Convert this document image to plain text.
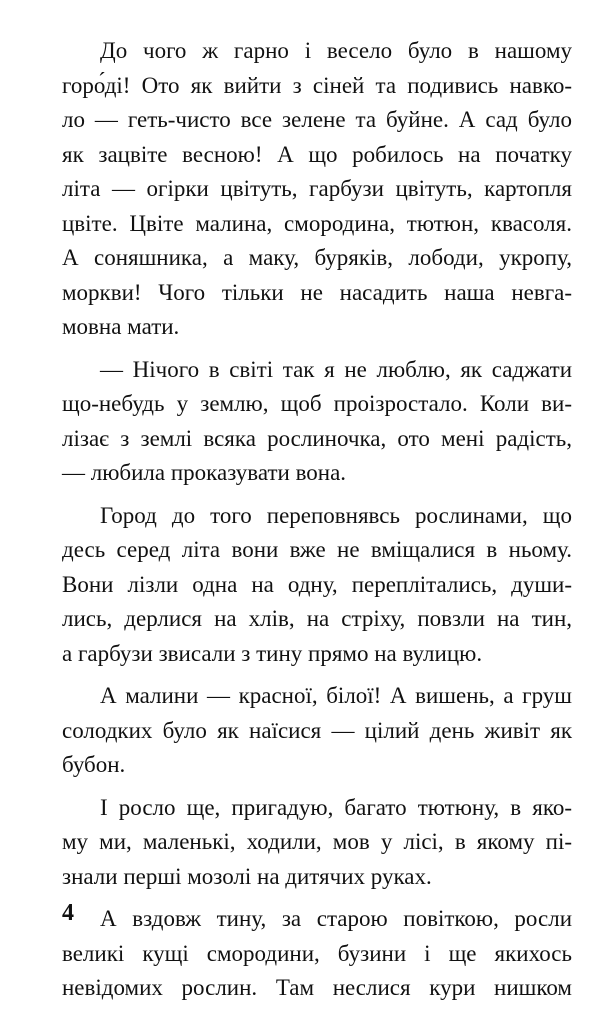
До чого ж гарно і весело було в нашому
горо́ді! Ото як вийти з сіней та подивись навко-
ло — геть-чисто все зелене та буйне. А сад було
як зацвіте весною! А що робилось на початку
літа — огірки цвітуть, гарбузи цвітуть, картопля
цвіте. Цвіте малина, смородина, тютюн, квасоля.
А соняшника, а маку, буряків, лободи, укропу,
моркви! Чого тільки не насадить наша невга-
мовна мати.
— Нічого в світі так я не люблю, як саджати
що-небудь у землю, щоб проізростало. Коли ви-
лізає з землі всяка рослиночка, ото мені радість,
— любила проказувати вона.
Город до того переповнявсь рослинами, що
десь серед літа вони вже не вміщалися в ньому.
Вони лізли одна на одну, переплітались, души-
лись, дерлися на хлів, на стріху, повзли на тин,
а гарбузи звисали з тину прямо на вулицю.
А малини — красної, білої! А вишень, а груш
солодких було як наїсися — цілий день живіт як
бубон.
І росло ще, пригадую, багато тютюну, в яко-
му ми, маленькі, ходили, мов у лісі, в якому пі-
знали перші мозолі на дитячих руках.
А вздовж тину, за старою повіткою, росли
великі кущі смородини, бузини і ще якихось
невідомих рослин. Там неслися кури нишком
4
